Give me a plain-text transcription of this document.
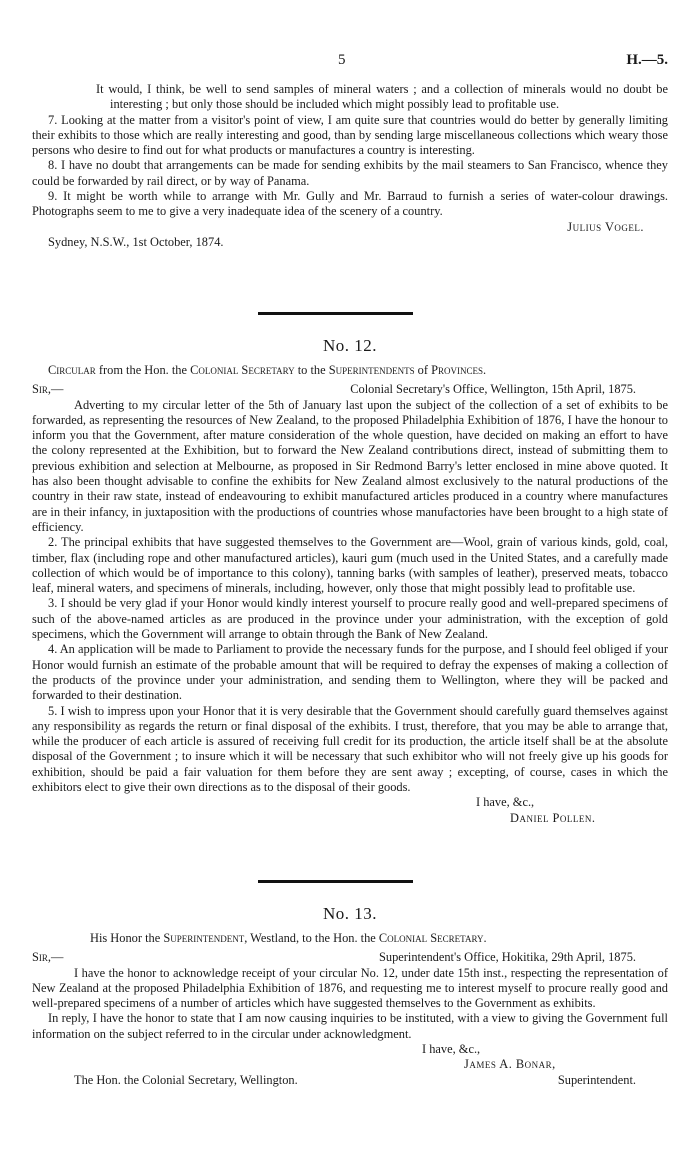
5	H.—5.

It would, I think, be well to send samples of mineral waters ; and a collection of minerals would no doubt be interesting ; but only those should be included which might possibly lead to profitable use.

7. Looking at the matter from a visitor's point of view, I am quite sure that countries would do better by generally limiting their exhibits to those which are really interesting and good, than by sending large miscellaneous collections which weary those persons who desire to find out for what products or manufactures a country is interesting.

8. I have no doubt that arrangements can be made for sending exhibits by the mail steamers to San Francisco, whence they could be forwarded by rail direct, or by way of Panama.

9. It might be worth while to arrange with Mr. Gully and Mr. Barraud to furnish a series of water-colour drawings. Photographs seem to me to give a very inadequate idea of the scenery of a country.

Julius Vogel.

Sydney, N.S.W., 1st October, 1874.

No. 12.

Circular from the Hon. the Colonial Secretary to the Superintendents of Provinces.

Sir,—	Colonial Secretary's Office, Wellington, 15th April, 1875.

Adverting to my circular letter of the 5th of January last upon the subject of the collection of a set of exhibits to be forwarded, as representing the resources of New Zealand, to the proposed Philadelphia Exhibition of 1876, I have the honour to inform you that the Government, after mature consideration of the whole question, have decided on making an effort to have the colony represented at the Exhibition, but to forward the New Zealand contributions direct, instead of submitting them to previous exhibition and selection at Melbourne, as proposed in Sir Redmond Barry's letter enclosed in mine above quoted. It has also been thought advisable to confine the exhibits for New Zealand almost exclusively to the natural productions of the country in their raw state, instead of endeavouring to exhibit manufactured articles produced in a country where manufactures are in their infancy, in juxtaposition with the productions of countries whose manufactories have been brought to a high state of efficiency.

2. The principal exhibits that have suggested themselves to the Government are—Wool, grain of various kinds, gold, coal, timber, flax (including rope and other manufactured articles), kauri gum (much used in the United States, and a carefully made collection of which would be of importance to this colony), tanning barks (with samples of leather), preserved meats, tobacco leaf, mineral waters, and specimens of minerals, including, however, only those that might possibly lead to profitable use.

3. I should be very glad if your Honor would kindly interest yourself to procure really good and well-prepared specimens of such of the above-named articles as are produced in the province under your administration, with the exception of gold specimens, which the Government will arrange to obtain through the Bank of New Zealand.

4. An application will be made to Parliament to provide the necessary funds for the purpose, and I should feel obliged if your Honor would furnish an estimate of the probable amount that will be required to defray the expenses of making a collection of the products of the province under your administration, and sending them to Wellington, where they will be packed and forwarded to their destination.

5. I wish to impress upon your Honor that it is very desirable that the Government should carefully guard themselves against any responsibility as regards the return or final disposal of the exhibits. I trust, therefore, that you may be able to arrange that, while the producer of each article is assured of receiving full credit for its production, the article itself shall be at the absolute disposal of the Government ; to insure which it will be necessary that such exhibitor who will not freely give up his goods for exhibition, should be paid a fair valuation for them before they are sent away ; excepting, of course, cases in which the exhibitors elect to give their own directions as to the disposal of their goods.

I have, &c.,

Daniel Pollen.

No. 13.

His Honor the Superintendent, Westland, to the Hon. the Colonial Secretary.

Sir,—	Superintendent's Office, Hokitika, 29th April, 1875.

I have the honor to acknowledge receipt of your circular No. 12, under date 15th inst., respecting the representation of New Zealand at the proposed Philadelphia Exhibition of 1876, and requesting me to interest myself to procure really good and well-prepared specimens of a number of articles which have suggested themselves to the Government as exhibits.

In reply, I have the honor to state that I am now causing inquiries to be instituted, with a view to giving the Government full information on the subject referred to in the circular under acknowledgment.

I have, &c.,

James A. Bonar,

The Hon. the Colonial Secretary, Wellington.	Superintendent.
